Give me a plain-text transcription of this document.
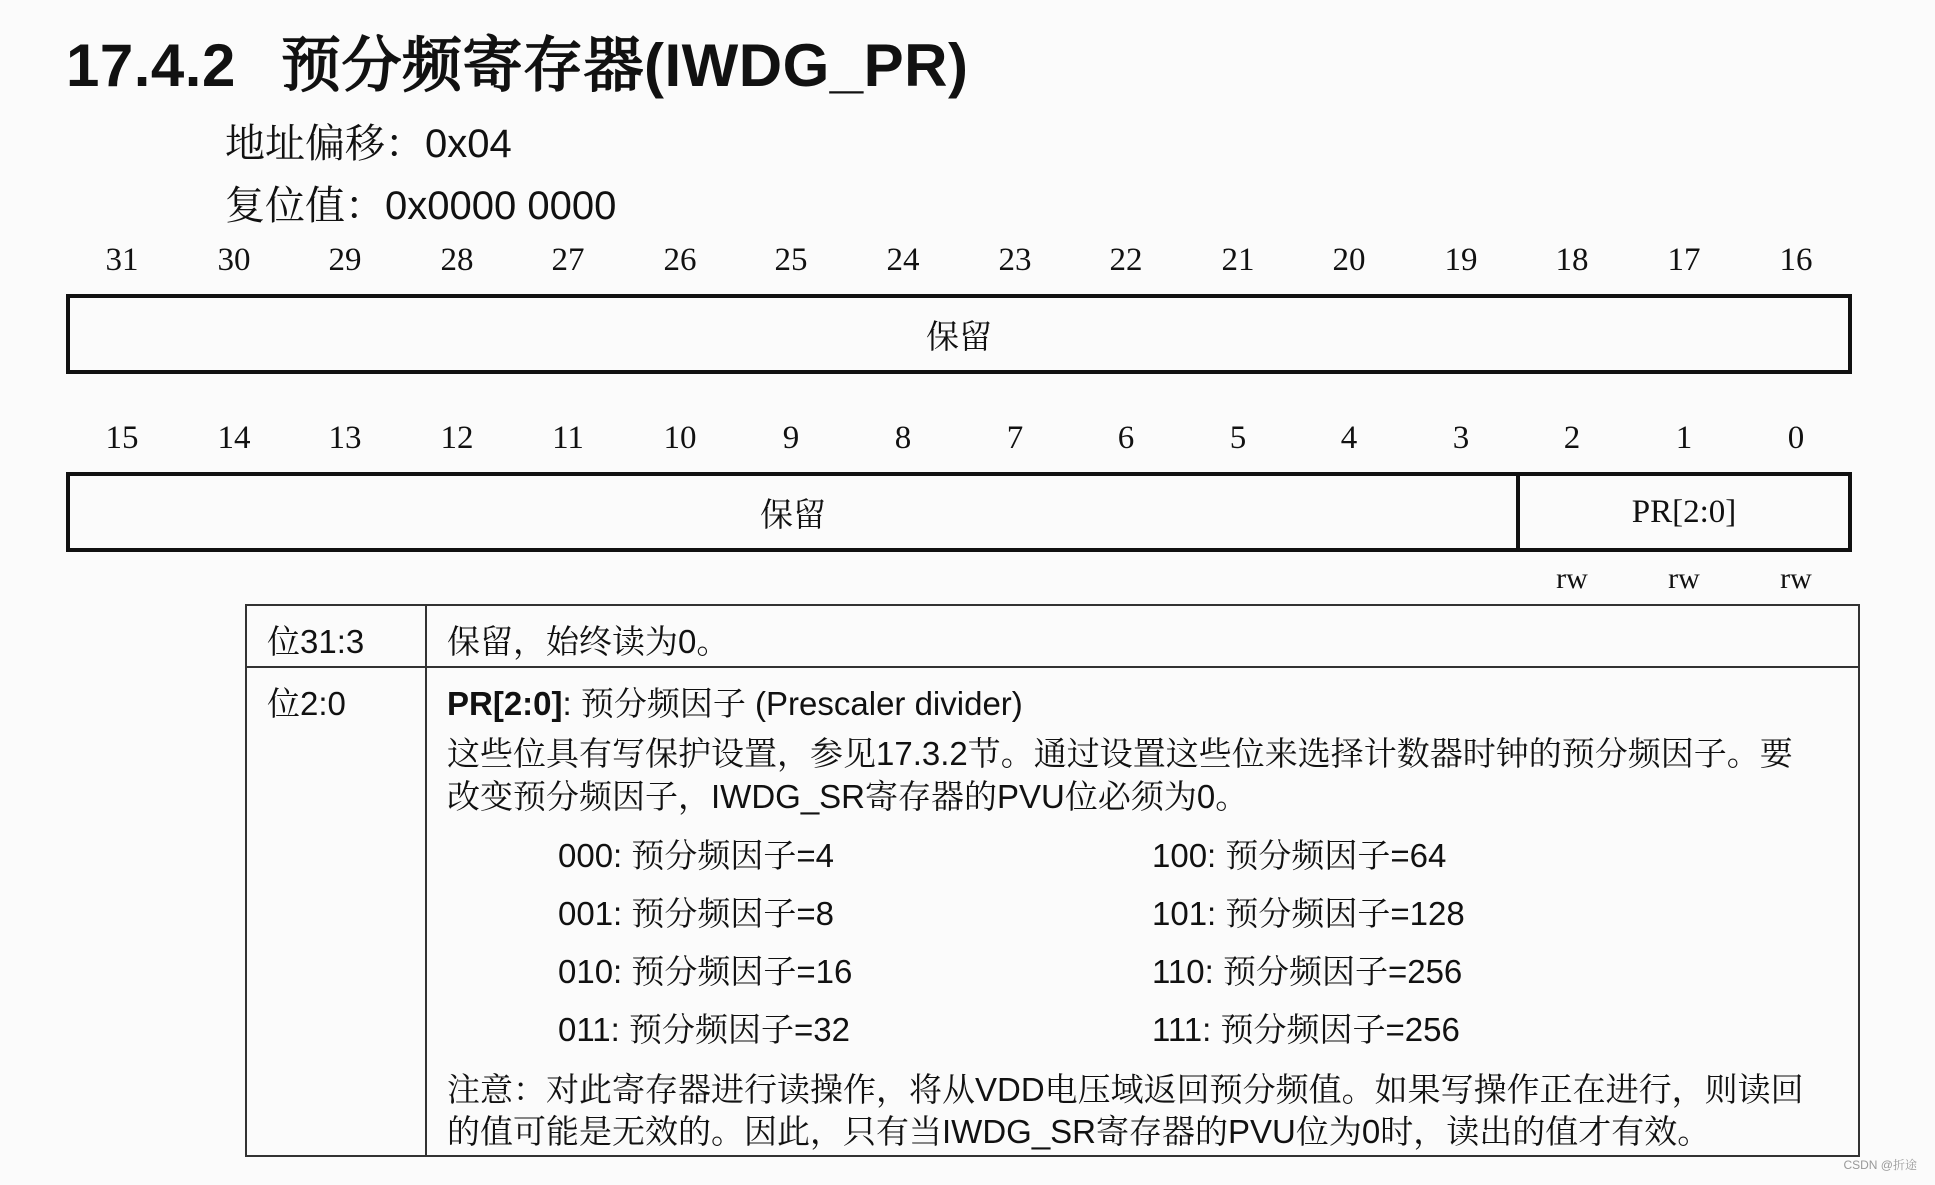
17.4.2 预分频寄存器(IWDG_PR)
地址偏移：0x04
复位值：0x0000 0000
31	30	29	28	27	26	25	24	23	22	21	20	19	18	17	16
保留
15	14	13	12	11	10	9	8	7	6	5	4	3	2	1	0
保留	PR[2:0]
rw	rw	rw
位31:3	保留，始终读为0。
位2:0	PR[2:0]: 预分频因子 (Prescaler divider)
这些位具有写保护设置，参见17.3.2节。通过设置这些位来选择计数器时钟的预分频因子。要
改变预分频因子，IWDG_SR寄存器的PVU位必须为0。
000: 预分频因子=4
001: 预分频因子=8
010: 预分频因子=16
011: 预分频因子=32
100: 预分频因子=64
101: 预分频因子=128
110: 预分频因子=256
111: 预分频因子=256
注意：对此寄存器进行读操作，将从VDD电压域返回预分频值。如果写操作正在进行，则读回
的值可能是无效的。因此，只有当IWDG_SR寄存器的PVU位为0时，读出的值才有效。
CSDN @折途
